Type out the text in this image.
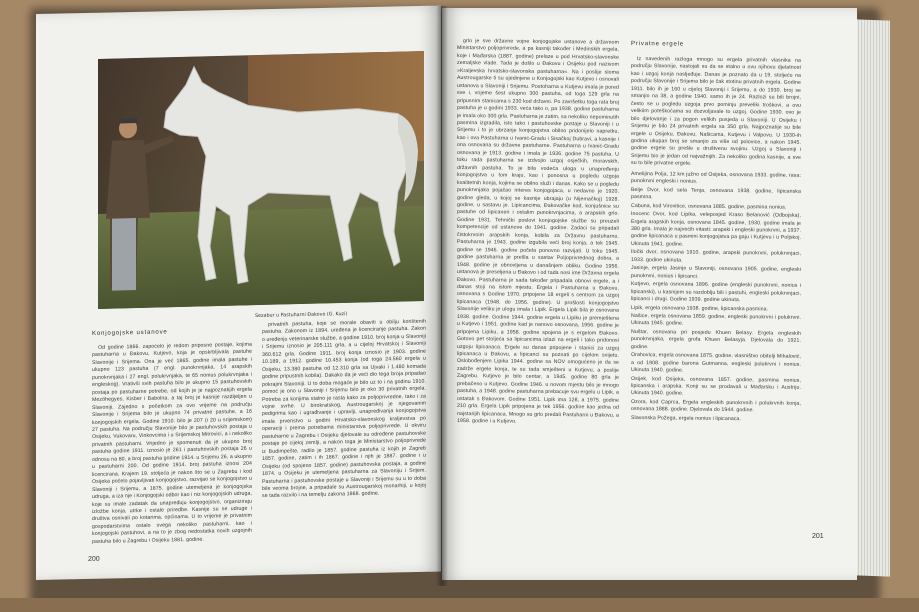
Sezabur u Pastuharni Đakovo (G. Kuzi)
Konjogojske ustanove

Od godine 1866. zapoćelo je redom priposne postaje, kojima pastuharna u Đakovu, Kutjevo, koja je opskrbljivala pastuhe Slavonije i Srijema. Ona je već 1865. godine imala pastuhe i ukupno 123 pastuha (7 engl. punokrvnjaka, 14 arapskih punokrvnjaka i 27 engl. polukrvnjaka, te 65 nonius polukrvnjaka i engleskog). Vrativši svih pastuha bilo je ukupno 15 pastuhovskih postaja po pastuharne potrebe, od kojih je je najpoznatijih ergela Mezöhegyes, Kisber i Babolna, a taj broj je kasnije razdijeljen u Slavoniji. Zajedno s početkom za ovo vrijeme na području Slavonije i Srijema bilo je ukupno 74 privatne pastuhe, a 16 konjogojskih ergela. Godine 1910. bilo je 207 (i 20 u srijemskom) 27 pastuha. Na području Slavonije bilo je pastuhovskih postaja u Osijeku, Vukovaru, Vinkovcima i u Srijemskoj Mitrovici, a i nekoliko privatnih pastuharni. Vrijedno je spomenuti da je ukupno broj pastuha godine 1911. iznosio je 261 i pastuhovskih postaja 26 u odnosu na 80, a broj pastuha godine 1914. u Srijemu 26, a ukupno u pastuharni 200. Od godine 1914. broj pastuha iznosi 204 licencirana. Krajem 19. stoljeća je nakon što se u Zagrebu i kod Osijeka počelo pojavljivati konjogojstvo, razvijao se konjogojstvo u Slavoniji i Srijemu, a 1875. godine utemeljena je konjogojska udruga, a iza nje i Konjogojski odbor kao i niz konjogojskih udruga, koje su imale zadatak da unapređuju konjogojstvo, organiziraju izložbe konja, utrke i ostale priredbe. Kasnije su se udruge i društva osnivali po kotarima, općinama. U to vrijeme je privatnim gospodarstvima ostalo svega nekoliko pastuharni, kao i konjogojski pastuhovi, a na to je zbog nedostatka novih uzgojnih pastuha bilo u Zagrebu i Osijeku 1881. godine.

privatnih pastuha, koje se morale obaviti u obilju korištenih pastuha. Zakonom iz 1894. uređena je licenciranje pastuha. Zakon o uređenju veterinarske službe, a godine 1910. broj konja u Slavoniji i Srijemu iznosio je 205.111 grla, a u cijeloj Hrvatskoj i Slavoniji 360.612 grla. Godine 1911. broj konja iznosio je 1903. godine 10.189, a 1912. godine 10.453 konja (od toga 24.560 ergela u Osijeku, 13.380 pastuha od 12.310 grla sa Ujvaki i 1.480 komada godine pripustnih kobila). Dakako da je veći dio tega broja pripadao pokrajini Slavoniji. U to doba mogaće je bilo uz to i na godinu 1910. pomoć je ono u Slavoniji i Srijemu bilo je oko 30 privatnih ergela. Potreba za konjima stalno je rasla kako za poljoprivredne, tako i za vojne svrhe. U birokratskog, Austrougarskoj je njegovanim pedigrima kao i ugrađivanje i upravlji, unapređivanja konjogojstva imala prvenstvo u godini Hrvatsko-slavonskog kraljevstva po operaciji i prema potrebama ministarstva poljoprivrede. U okviru pastuharne u Zagrebu i Osijeku djelovale su određene pastuhovske postaje po cijeloj zemlji, a nakon toga je Ministarstvo poljoprivrede iz Budimpešte, radilo je 1857. godine pastuha iz kojih je Zagreb 1857. godine, zatim i ih 1867. godine i njih je 1887. godine i u Osijeku (od spojeno 1857. godine) pastuhovska postaja, a godine 1874. u Osijeku je utemeljena pastuharna za Slavoniju i Srijem. Pastuharna i pastuhovske postaje u Slavoniji i Srijemu su u to doba bile veoma brojne, a pripadale su Austrougarskoj monarhiji, u kojoj se tada razvilo i na temelju zakona 1868. godine.

200

grlo je sve državne vojne konjogojske ustanove a državnom Ministarstvo poljoprivrede, a pa kasniji također i Medinskih ergela, koje i Mađarska (1887. godine) prelaze u pod Hrvatsko-slavonske zemaljske vlade. Tada je došlo u Đakovu i Osijeku pod nazivom »Kraljevska hrvatsko-slavonska pastuharna«. Na i poslije sloma Austrougarske ti su ujedinjene u Konjogojski kao Kutjevo i osnovali ustanova u Slavoniji i Srijemu. Postoharna u Kutjevu imala je pored sve i, vrijeme šest ukupno 300 pastuha, od toga 129 grla na pripusnim stanicama s 230 kod državni. Po završetku toga rata broj pastuha je u godini 1933. veća tako o, pa 1938. godine pastuharna je imala oko 300 grla. Pastuharna je zatim, sa nekoliko nepominutih pasmina izgradila, isto tako i pastuhovske postaje u Slavoniji i u Srijemu i to je ubrzanje konjogojstva obilno pridonijelo napretku, kao i ova Pastuharna u Ivanić-Gradu i Sisačkoj Dubravi, a kasnije i ona osnovana su državne pastuharne. Pastuharna u Ivanić-Gradu osnovana je 1913. godine i imala je 1936. godine 75 pastuha. U toku rada pastuharna se izdvojio uzgoj osječkih, moravskih, državnih pastuha. To je bila vodeća uloga u unapređenju konjogojstva u tom kraju, kao i ponosna u pogledu uzgoja kvalitetnih konja, kojima se obilno služi i danas. Kako se u pogledu punokrvnjaka pojačao interes konjogojaca, u nedavno je 1920. godine gleda, u kojoj se kasnije ubrajaju (u Nijemačkoj) 1928. godine, u sastavu je. Lipicancima, Đakovačke kod, konjušnice su pastuhe od lipicaneri i ostalim punokrvnjacima, a arapskih grlo. Godine 1931. Tehnički poslovi konjogojske službe su preuzeli kompetencije od ustanove do 1941. godine. Zadaci su pripadali čistokrvnim arapskih konja, kobila za Državnu pastuharnu. Pastuharna je 1943. godine izgubila veći broj konja, a tek 1945. godine se 1946. godine počela ponovno razvijati. U toku 1945. godine pastuharna je prešla u sastav Poljoprivrednog dobra, a 1948. godine je obnovljena u današnjem obliku. Godine 1956. ustanova je preseljena u Đakovo i od tada nosi ime Državna ergela Đakovo. Pastuharna je sada također pripadala obnovi ergele, a i danas stoji na istom mjestu. Ergela i Pastuharna u Đakovu, osnovana s Godine 1970. pripojene 18 ergeli s centrom za uzgoj lipicanaca (1948. do 1956. godine). U prošlosti konjogojstvo Slavonije veliku je ulogu imala i Lipik. Ergela Lipik bila je osnovana 1938. godine. Godine 1944. godine ergela u Lipiku je premještena u Kutjevo i 1951. godine kad je nanovo osnovana, 1956. godine je pripojena Lipiku, a 1958. godine spojena je s ergelom Đakovo. Gotovo pet stoljeća sa lipicancima izlazi na ergeli i tako pridonosi uzgoju lipicanaca. Ergele su danas pripojene i stanici za uzgoj lipicanaca u Đakovu, a lipicanci su poznati po cijelom svijetu. Oslobođenjem Lipika 1944. godine sa NOV omogućeno je da se zadrže ergele konja, te su tada smješteni u Kutjevu, a poslije Zagrebu. Kutjevo je bilo centar, a 1945. godine 80 grla je prebačeno u Kutjevo. Godine 1946. u novom mjestu bilo je mnogo pastuha, a 1948. godine pastuharna prebacuje svu ergelu u Lipik, a ostatak s Đakovom. Godine 1951. Lipik ima 128, a 1975. godine 210 grla. Ergela Lipik pripojena je tek 1956. godine kao jedna od najstarijih lipicanaca. Mnogo su grlo predali Pastuharni u Đakovu, a 1958. godine i u Kutjevo.

Privatne ergele

Iz navedenih razloga mnogo su ergela privatnih vlasnika na području Slavonije, nastojali su da se stalno u ovu njihovu djelatnost kao i uzgoj konja nasljeđuje. Danas je poznato da u 19. stoljeću na području Slavonije i Srijema bilo je čak stotinu privatnih ergela. Godine 1911. bilo ih je 160 u cijeloj Slavoniji i Srijemu, a do 1930. broj se smanjio na 38, a godine 1940. samo ih je 24. Razlozi su bili brojni, često se u pogledu uzgoja prvo pominju preveliki troškovi, a ovu velikiim poteškoćama su dozvoljavale to uzgoj. Godine 1930. ovo je bilo djelovanje i za pogon velikih posjeda u Slavoniji. U Osijeku i Srijemu je bilo 24 privatnih ergela sa 350 grla. Najpoznatije su bile ergele u Osijeku, Đakovu, Našicama, Kutjevu i Valpovu. U 1930-ih godina ukupan broj se smanjio za više od polovice, a nakon 1945. godine ergele su prešle u društvenu svojinu. Uzgoj u Slavoniji i Srijemu bio je jedan od najvažnijih. Za nekoliko godina kasnije, a sve su to bile privatne ergele.

Amelijina Polja, 12 km južno od Osijeka, osnovana 1933. godine, rasa: punokrvni engleski i nonius.
Belje Dvor, kod sela Tenja, osnovana 1938. godine, lipicanska pasmina.
Cabuna, kod Virovitice, osnovana 1885. godine, pasmina nonius.
Inocenc Dvor, kod Lipika, veleposjed Kraso Belanović (Odbojska), Ergela arapskih konja, osnovana 1845. godine, 1930. godine imala je 380 grla. Imala je najvećih vitasti: arapski i engleski punokrvni, a 1937. godine lipicanaca u pasmini konjogojstva pa gaju i Kutjevu i u Poljskoj. Ukinuta 1941. godine.
Iločki dvor, osnovana 1910. godine, arapski punokrvni, polukrvnjaci, 1933. godine ukinuta.
Jasinje, ergela Jasinje u Slavoniji, osnovana 1905. godine, engleski punokrvni, nonius i lipicanci.
Kutjevo, ergela osnovana 1896. godine (engleski punokrvni, nonius i lipicanski), u kasnijem su razdoblju bili i pastuhi, engleski polukrvnjaci, lipicanci i drugi. Godine 1939. godine ukinuta.
Lipik, ergela osnovana 1938. godine, lipicanska pasmina.
Našice, ergela osnovana 1859. godine, engleski punokrvni i polukrvni. Ukinuta 1945. godine.
Nuštar, osnovana pri posjedu Khuen Belasy. Ergela engleskih punokrvnjaka, ergela grofa Khuen Belasyja. Djelovala do 1921. godine.
Orahovica, ergela osnovana 1875. godine, vlasništvo obitelji Mihalović, a od 1908. godine barona Gutmanna, engleski polukrvni i nonius. Ukinuta 1940. godine.
Osijek, kod Osijeka, osnovana 1857. godine, pasmina nonius, lipicanska i arapska. Konji su se prodavali u Mađarsku i Austriju. Ukinuta 1940. godine.
Ozora, kod Caprca, Ergela engleskih punokrvnih i polukrvnih konja, osnovana 1888. godine. Djelovala do 1944. godine.
Slavonska Požega, ergela nonius i lipicanaca.
201
